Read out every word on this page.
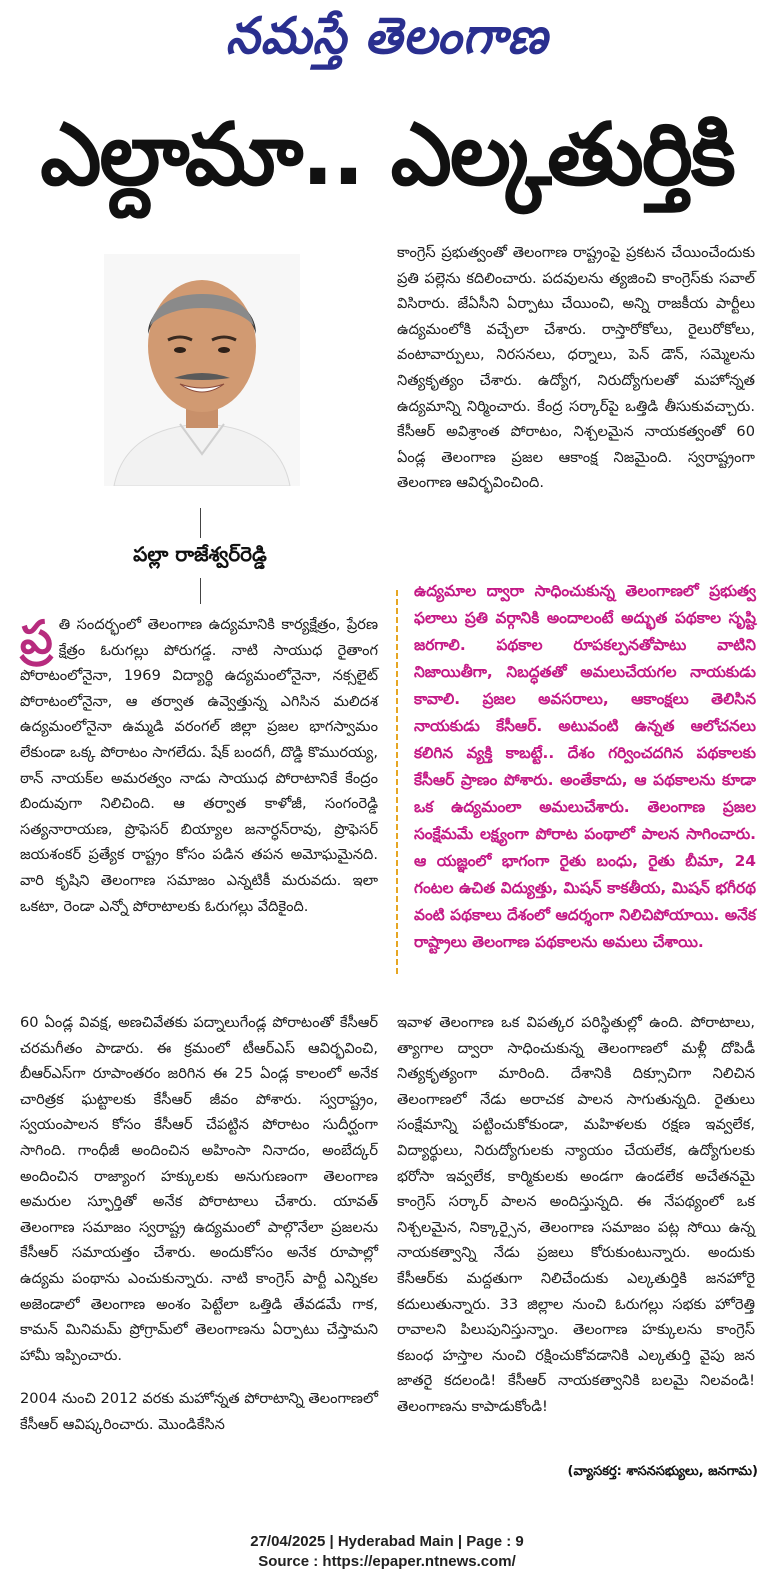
నమస్తే తెలంగాణ
ఎల్దామా.. ఎల్కతుర్తికి
పల్లా రాజేశ్వర్‌రెడ్డి

కాంగ్రెస్ ప్రభుత్వంతో తెలంగాణ రాష్ట్రంపై ప్రకటన చేయించేందుకు ప్రతి పల్లెను కదిలించారు. పదవులను త్యజించి కాంగ్రెస్‌కు సవాల్ విసిరారు. జేఏసీని ఏర్పాటు చేయించి, అన్ని రాజకీయ పార్టీలు ఉద్యమంలోకి వచ్చేలా చేశారు. రాస్తారోకోలు, రైలురోకోలు, వంటావార్పులు, నిరసనలు, ధర్నాలు, పెన్ డౌన్, సమ్మెలను నిత్యకృత్యం చేశారు. ఉద్యోగ, నిరుద్యోగులతో మహోన్నత ఉద్యమాన్ని నిర్మించారు. కేంద్ర సర్కార్‌పై ఒత్తిడి తీసుకువచ్చారు. కేసీఆర్ అవిశ్రాంత పోరాటం, నిశ్చలమైన నాయకత్వంతో 60 ఏండ్ల తెలంగాణ ప్రజల ఆకాంక్ష నిజమైంది. స్వరాష్ట్రంగా తెలంగాణ ఆవిర్భవించింది.

ఉద్యమాల ద్వారా సాధించుకున్న తెలంగాణలో ప్రభుత్వ ఫలాలు ప్రతి వర్గానికి అందాలంటే అద్భుత పథకాల సృష్టి జరగాలి. పథకాల రూపకల్పనతోపాటు వాటిని నిజాయితీగా, నిబద్ధతతో అమలుచేయగల నాయకుడు కావాలి. ప్రజల అవసరాలు, ఆకాంక్షలు తెలిసిన నాయకుడు కేసీఆర్. అటువంటి ఉన్నత ఆలోచనలు కలిగిన వ్యక్తి కాబట్టే.. దేశం గర్వించదగిన పథకాలకు కేసీఆర్ ప్రాణం పోశారు. అంతేకాదు, ఆ పథకాలను కూడా ఒక ఉద్యమంలా అమలుచేశారు. తెలంగాణ ప్రజల సంక్షేమమే లక్ష్యంగా పోరాట పంథాలో పాలన సాగించారు. ఆ యజ్ఞంలో భాగంగా రైతు బంధు, రైతు బీమా, 24 గంటల ఉచిత విద్యుత్తు, మిషన్ కాకతీయ, మిషన్ భగీరథ వంటి పథకాలు దేశంలో ఆదర్శంగా నిలిచిపోయాయి. అనేక రాష్ట్రాలు తెలంగాణ పథకాలను అమలు చేశాయి.

ప్ర తి సందర్భంలో తెలంగాణ ఉద్యమానికి కార్యక్షేత్రం, ప్రేరణ క్షేత్రం ఓరుగల్లు పోరుగడ్డ. నాటి సాయుధ రైతాంగ పోరాటంలోనైనా, 1969 విద్యార్థి ఉద్యమంలోనైనా, నక్సలైట్ పోరాటంలోనైనా, ఆ తర్వాత ఉవ్వెత్తున్న ఎగిసిన మలిదశ ఉద్యమంలోనైనా ఉమ్మడి వరంగల్ జిల్లా ప్రజల భాగస్వామం లేకుండా ఒక్క పోరాటం సాగలేదు. షేక్ బందగీ, దొడ్డి కొమురయ్య, ఠాన్ నాయక్‌ల అమరత్వం నాడు సాయుధ పోరాటానికే కేంద్రం బిందువుగా నిలిచింది. ఆ తర్వాత కాళోజీ, సంగంరెడ్డి సత్యనారాయణ, ప్రొఫెసర్ బియ్యాల జనార్ధన్‌రావు, ప్రొఫెసర్ జయశంకర్ ప్రత్యేక రాష్ట్రం కోసం పడిన తపన అమోఘమైనది. వారి కృషిని తెలంగాణ సమాజం ఎన్నటికీ మరువదు. ఇలా ఒకటా, రెండా ఎన్నో పోరాటాలకు ఓరుగల్లు వేదికైంది.

60 ఏండ్ల వివక్ష, అణచివేతకు పద్నాలుగేండ్ల పోరాటంతో కేసీఆర్ చరమగీతం పాడారు. ఈ క్రమంలో టీఆర్‌ఎస్ ఆవిర్భవించి, బీఆర్‌ఎస్‌గా రూపాంతరం జరిగిన ఈ 25 ఏండ్ల కాలంలో అనేక చారిత్రక ఘట్టాలకు కేసీఆర్ జీవం పోశారు. స్వరాష్ట్రం, స్వయంపాలన కోసం కేసీఆర్ చేపట్టిన పోరాటం సుదీర్ఘంగా సాగింది. గాంధీజీ అందించిన అహింసా నినాదం, అంబేద్కర్ అందించిన రాజ్యాంగ హక్కులకు అనుగుణంగా తెలంగాణ అమరుల స్ఫూర్తితో అనేక పోరాటాలు చేశారు. యావత్ తెలంగాణ సమాజం స్వరాష్ట్ర ఉద్యమంలో పాల్గొనేలా ప్రజలను కేసీఆర్ సమాయత్తం చేశారు. అందుకోసం అనేక రూపాల్లో ఉద్యమ పంథాను ఎంచుకున్నారు. నాటి కాంగ్రెస్ పార్టీ ఎన్నికల అజెండాలో తెలంగాణ అంశం పెట్టేలా ఒత్తిడి తేవడమే గాక, కామన్ మినిమమ్ ప్రోగ్రామ్‌లో తెలంగాణను ఏర్పాటు చేస్తామని హామీ ఇప్పించారు.

2004 నుంచి 2012 వరకు మహోన్నత పోరాటాన్ని తెలంగాణలో కేసీఆర్ ఆవిష్కరించారు. మొండికేసిన

ఇవాళ తెలంగాణ ఒక విపత్కర పరిస్థితుల్లో ఉంది. పోరాటాలు, త్యాగాల ద్వారా సాధించుకున్న తెలంగాణలో మళ్లీ దోపిడీ నిత్యకృత్యంగా మారింది. దేశానికి దిక్సూచిగా నిలిచిన తెలంగాణలో నేడు అరాచక పాలన సాగుతున్నది. రైతులు సంక్షేమాన్ని పట్టించుకోకుండా, మహిళలకు రక్షణ ఇవ్వలేక, విద్యార్థులు, నిరుద్యోగులకు న్యాయం చేయలేక, ఉద్యోగులకు భరోసా ఇవ్వలేక, కార్మికులకు అండగా ఉండలేక అచేతనమై కాంగ్రెస్ సర్కార్ పాలన అందిస్తున్నది. ఈ నేపథ్యంలో ఒక నిశ్చలమైన, నిక్కార్సైన, తెలంగాణ సమాజం పట్ల సోయి ఉన్న నాయకత్వాన్ని నేడు ప్రజలు కోరుకుంటున్నారు. అందుకు కేసీఆర్‌కు మద్దతుగా నిలిచేందుకు ఎల్కతుర్తికి జనహోరై కదులుతున్నారు. 33 జిల్లాల నుంచి ఓరుగల్లు సభకు హోరెత్తి రావాలని పిలుపునిస్తున్నాం. తెలంగాణ హక్కులను కాంగ్రెస్ కబంధ హస్తాల నుంచి రక్షించుకోవడానికి ఎల్కతుర్తి వైపు జన జాతరై కదలండి! కేసీఆర్ నాయకత్వానికి బలమై నిలవండి! తెలంగాణను కాపాడుకోండి!

(వ్యాసకర్త: శాసనసభ్యులు, జనగామ)
27/04/2025 | Hyderabad Main | Page : 9
Source : https://epaper.ntnews.com/
